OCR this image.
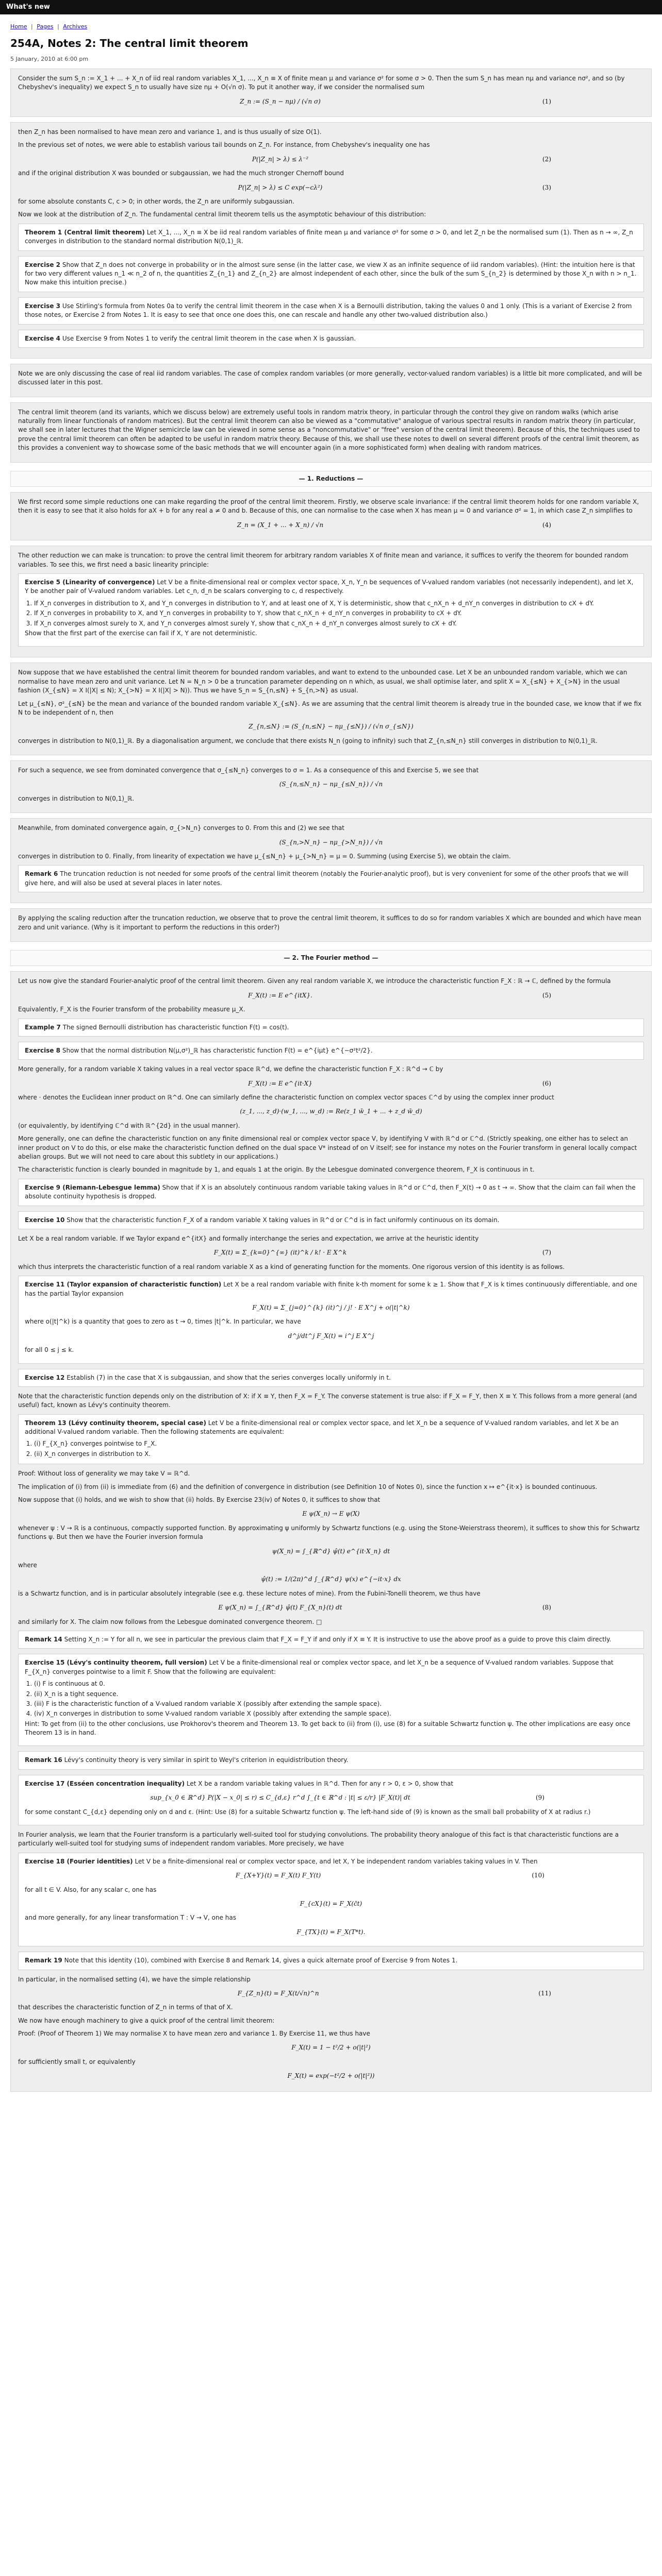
What's new
Home | Pages | Archives
254A, Notes 2: The central limit theorem
5 January, 2010 at 6:00 pm

Consider the sum S_n := X_1 + ... + X_n of iid real random variables X_1, ..., X_n ≡ X of finite mean μ and variance σ² for some σ > 0. Then the sum S_n has mean nμ and variance nσ², and so (by Chebyshev's inequality) we expect S_n to usually have size nμ + O(√n σ). To put it another way, if we consider the normalised sum

Z_n := (S_n − nμ) / (√n σ)	(1)

then Z_n has been normalised to have mean zero and variance 1, and is thus usually of size O(1).

In the previous set of notes, we were able to establish various tail bounds on Z_n. For instance, from Chebyshev's inequality one has

P(|Z_n| > λ) ≤ λ⁻²	(2)

and if the original distribution X was bounded or subgaussian, we had the much stronger Chernoff bound

P(|Z_n| > λ) ≤ C exp(−cλ²)	(3)

for some absolute constants C, c > 0; in other words, the Z_n are uniformly subgaussian.

Now we look at the distribution of Z_n. The fundamental central limit theorem tells us the asymptotic behaviour of this distribution:

Theorem 1 (Central limit theorem) Let X_1, ..., X_n ≡ X be iid real random variables of finite mean μ and variance σ² for some σ > 0, and let Z_n be the normalised sum (1). Then as n → ∞, Z_n converges in distribution to the standard normal distribution N(0,1)_ℝ.
Exercise 2 Show that Z_n does not converge in probability or in the almost sure sense (in the latter case, we view X as an infinite sequence of iid random variables). (Hint: the intuition here is that for two very different values n_1 ≪ n_2 of n, the quantities Z_{n_1} and Z_{n_2} are almost independent of each other, since the bulk of the sum S_{n_2} is determined by those X_n with n > n_1. Now make this intuition precise.)
Exercise 3 Use Stirling's formula from Notes 0a to verify the central limit theorem in the case when X is a Bernoulli distribution, taking the values 0 and 1 only. (This is a variant of Exercise 2 from those notes, or Exercise 2 from Notes 1. It is easy to see that once one does this, one can rescale and handle any other two-valued distribution also.)
Exercise 4 Use Exercise 9 from Notes 1 to verify the central limit theorem in the case when X is gaussian.

Note we are only discussing the case of real iid random variables. The case of complex random variables (or more generally, vector-valued random variables) is a little bit more complicated, and will be discussed later in this post.

The central limit theorem (and its variants, which we discuss below) are extremely useful tools in random matrix theory, in particular through the control they give on random walks (which arise naturally from linear functionals of random matrices). But the central limit theorem can also be viewed as a "commutative" analogue of various spectral results in random matrix theory (in particular, we shall see in later lectures that the Wigner semicircle law can be viewed in some sense as a "noncommutative" or "free" version of the central limit theorem). Because of this, the techniques used to prove the central limit theorem can often be adapted to be useful in random matrix theory. Because of this, we shall use these notes to dwell on several different proofs of the central limit theorem, as this provides a convenient way to showcase some of the basic methods that we will encounter again (in a more sophisticated form) when dealing with random matrices.

— 1. Reductions —

We first record some simple reductions one can make regarding the proof of the central limit theorem. Firstly, we observe scale invariance: if the central limit theorem holds for one random variable X, then it is easy to see that it also holds for aX + b for any real a ≠ 0 and b. Because of this, one can normalise to the case when X has mean μ = 0 and variance σ² = 1, in which case Z_n simplifies to

Z_n = (X_1 + ... + X_n) / √n	(4)

The other reduction we can make is truncation: to prove the central limit theorem for arbitrary random variables X of finite mean and variance, it suffices to verify the theorem for bounded random variables. To see this, we first need a basic linearity principle:

Exercise 5 (Linearity of convergence) Let V be a finite-dimensional real or complex vector space, X_n, Y_n be sequences of V-valued random variables (not necessarily independent), and let X, Y be another pair of V-valued random variables. Let c_n, d_n be scalars converging to c, d respectively.
1. If X_n converges in distribution to X, and Y_n converges in distribution to Y, and at least one of X, Y is deterministic, show that c_nX_n + d_nY_n converges in distribution to cX + dY.
2. If X_n converges in probability to X, and Y_n converges in probability to Y, show that c_nX_n + d_nY_n converges in probability to cX + dY.
3. If X_n converges almost surely to X, and Y_n converges almost surely Y, show that c_nX_n + d_nY_n converges almost surely to cX + dY.

Show that the first part of the exercise can fail if X, Y are not deterministic.

Now suppose that we have established the central limit theorem for bounded random variables, and want to extend to the unbounded case. Let X be an unbounded random variable, which we can normalise to have mean zero and unit variance. Let N = N_n > 0 be a truncation parameter depending on n which, as usual, we shall optimise later, and split X = X_{≤N} + X_{>N} in the usual fashion (X_{≤N} = X I(|X| ≤ N); X_{>N} = X I(|X| > N)). Thus we have S_n = S_{n,≤N} + S_{n,>N} as usual.

Let μ_{≤N}, σ²_{≤N} be the mean and variance of the bounded random variable X_{≤N}. As we are assuming that the central limit theorem is already true in the bounded case, we know that if we fix N to be independent of n, then

Z_{n,≤N} := (S_{n,≤N} − nμ_{≤N}) / (√n σ_{≤N})

converges in distribution to N(0,1)_ℝ. By a diagonalisation argument, we conclude that there exists N_n (going to infinity) such that Z_{n,≤N_n} still converges in distribution to N(0,1)_ℝ.

For such a sequence, we see from dominated convergence that σ_{≤N_n} converges to σ = 1. As a consequence of this and Exercise 5, we see that

(S_{n,≤N_n} − nμ_{≤N_n}) / √n

converges in distribution to N(0,1)_ℝ.

Meanwhile, from dominated convergence again, σ_{>N_n} converges to 0. From this and (2) we see that

(S_{n,>N_n} − nμ_{>N_n}) / √n

converges in distribution to 0. Finally, from linearity of expectation we have μ_{≤N_n} + μ_{>N_n} = μ = 0. Summing (using Exercise 5), we obtain the claim.

Remark 6 The truncation reduction is not needed for some proofs of the central limit theorem (notably the Fourier-analytic proof), but is very convenient for some of the other proofs that we will give here, and will also be used at several places in later notes.

By applying the scaling reduction after the truncation reduction, we observe that to prove the central limit theorem, it suffices to do so for random variables X which are bounded and which have mean zero and unit variance. (Why is it important to perform the reductions in this order?)

— 2. The Fourier method —

Let us now give the standard Fourier-analytic proof of the central limit theorem. Given any real random variable X, we introduce the characteristic function F_X : ℝ → ℂ, defined by the formula

F_X(t) := E e^{itX}.	(5)

Equivalently, F_X is the Fourier transform of the probability measure μ_X.

Example 7 The signed Bernoulli distribution has characteristic function F(t) = cos(t).
Exercise 8 Show that the normal distribution N(μ,σ²)_ℝ has characteristic function F(t) = e^{iμt} e^{−σ²t²/2}.

More generally, for a random variable X taking values in a real vector space ℝ^d, we define the characteristic function F_X : ℝ^d → ℂ by

F_X(t) := E e^{it·X}	(6)

where · denotes the Euclidean inner product on ℝ^d. One can similarly define the characteristic function on complex vector spaces ℂ^d by using the complex inner product

(z_1, ..., z_d)·(w_1, ..., w_d) := Re(z_1 w̄_1 + ... + z_d w̄_d)

(or equivalently, by identifying ℂ^d with ℝ^{2d} in the usual manner).

More generally, one can define the characteristic function on any finite dimensional real or complex vector space V, by identifying V with ℝ^d or ℂ^d. (Strictly speaking, one either has to select an inner product on V to do this, or else make the characteristic function defined on the dual space V* instead of on V itself; see for instance my notes on the Fourier transform in general locally compact abelian groups. But we will not need to care about this subtlety in our applications.)

The characteristic function is clearly bounded in magnitude by 1, and equals 1 at the origin. By the Lebesgue dominated convergence theorem, F_X is continuous in t.

Exercise 9 (Riemann-Lebesgue lemma) Show that if X is an absolutely continuous random variable taking values in ℝ^d or ℂ^d, then F_X(t) → 0 as t → ∞. Show that the claim can fail when the absolute continuity hypothesis is dropped.
Exercise 10 Show that the characteristic function F_X of a random variable X taking values in ℝ^d or ℂ^d is in fact uniformly continuous on its domain.

Let X be a real random variable. If we Taylor expand e^{itX} and formally interchange the series and expectation, we arrive at the heuristic identity

F_X(t) = Σ_{k=0}^{∞} (it)^k / k! · E X^k	(7)

which thus interprets the characteristic function of a real random variable X as a kind of generating function for the moments. One rigorous version of this identity is as follows.

Exercise 11 (Taylor expansion of characteristic function) Let X be a real random variable with finite k-th moment for some k ≥ 1. Show that F_X is k times continuously differentiable, and one has the partial Taylor expansion
F_X(t) = Σ_{j=0}^{k} (it)^j / j! · E X^j + o(|t|^k)

where o(|t|^k) is a quantity that goes to zero as t → 0, times |t|^k. In particular, we have

d^j/dt^j F_X(t) = i^j E X^j

for all 0 ≤ j ≤ k.

Exercise 12 Establish (7) in the case that X is subgaussian, and show that the series converges locally uniformly in t.

Note that the characteristic function depends only on the distribution of X: if X ≡ Y, then F_X = F_Y. The converse statement is true also: if F_X = F_Y, then X ≡ Y. This follows from a more general (and useful) fact, known as Lévy's continuity theorem.

Theorem 13 (Lévy continuity theorem, special case) Let V be a finite-dimensional real or complex vector space, and let X_n be a sequence of V-valued random variables, and let X be an additional V-valued random variable. Then the following statements are equivalent:
1. (i) F_{X_n} converges pointwise to F_X.
2. (ii) X_n converges in distribution to X.

Proof: Without loss of generality we may take V = ℝ^d.

The implication of (i) from (ii) is immediate from (6) and the definition of convergence in distribution (see Definition 10 of Notes 0), since the function x ↦ e^{it·x} is bounded continuous.

Now suppose that (i) holds, and we wish to show that (ii) holds. By Exercise 23(iv) of Notes 0, it suffices to show that

E ψ(X_n) → E ψ(X)

whenever ψ : V → ℝ is a continuous, compactly supported function. By approximating ψ uniformly by Schwartz functions (e.g. using the Stone-Weierstrass theorem), it suffices to show this for Schwartz functions ψ. But then we have the Fourier inversion formula

ψ(X_n) = ∫_{ℝ^d} ψ̂(t) e^{it·X_n} dt

where

ψ̂(t) := 1/(2π)^d ∫_{ℝ^d} ψ(x) e^{−it·x} dx

is a Schwartz function, and is in particular absolutely integrable (see e.g. these lecture notes of mine). From the Fubini-Tonelli theorem, we thus have

E ψ(X_n) = ∫_{ℝ^d} ψ̂(t) F_{X_n}(t) dt	(8)

and similarly for X. The claim now follows from the Lebesgue dominated convergence theorem. □

Remark 14 Setting X_n := Y for all n, we see in particular the previous claim that F_X = F_Y if and only if X ≡ Y. It is instructive to use the above proof as a guide to prove this claim directly.
Exercise 15 (Lévy's continuity theorem, full version) Let V be a finite-dimensional real or complex vector space, and let X_n be a sequence of V-valued random variables. Suppose that F_{X_n} converges pointwise to a limit F. Show that the following are equivalent:
1. (i) F is continuous at 0.
2. (ii) X_n is a tight sequence.
3. (iii) F is the characteristic function of a V-valued random variable X (possibly after extending the sample space).
4. (iv) X_n converges in distribution to some V-valued random variable X (possibly after extending the sample space).

Hint: To get from (ii) to the other conclusions, use Prokhorov's theorem and Theorem 13. To get back to (ii) from (i), use (8) for a suitable Schwartz function ψ. The other implications are easy once Theorem 13 is in hand.

Remark 16 Lévy's continuity theory is very similar in spirit to Weyl's criterion in equidistribution theory.
Exercise 17 (Esséen concentration inequality) Let X be a random variable taking values in ℝ^d. Then for any r > 0, ε > 0, show that
sup_{x_0 ∈ ℝ^d} P(|X − x_0| ≤ r) ≤ C_{d,ε} r^d ∫_{t ∈ ℝ^d : |t| ≤ ε/r} |F_X(t)| dt	(9)

for some constant C_{d,ε} depending only on d and ε. (Hint: Use (8) for a suitable Schwartz function ψ. The left-hand side of (9) is known as the small ball probability of X at radius r.)

In Fourier analysis, we learn that the Fourier transform is a particularly well-suited tool for studying convolutions. The probability theory analogue of this fact is that characteristic functions are a particularly well-suited tool for studying sums of independent random variables. More precisely, we have

Exercise 18 (Fourier identities) Let V be a finite-dimensional real or complex vector space, and let X, Y be independent random variables taking values in V. Then
F_{X+Y}(t) = F_X(t) F_Y(t)	(10)

for all t ∈ V. Also, for any scalar c, one has

F_{cX}(t) = F_X(c̄t)

and more generally, for any linear transformation T : V → V, one has

F_{TX}(t) = F_X(T*t).
Remark 19 Note that this identity (10), combined with Exercise 8 and Remark 14, gives a quick alternate proof of Exercise 9 from Notes 1.

In particular, in the normalised setting (4), we have the simple relationship

F_{Z_n}(t) = F_X(t/√n)^n	(11)

that describes the characteristic function of Z_n in terms of that of X.

We now have enough machinery to give a quick proof of the central limit theorem:

Proof: (Proof of Theorem 1) We may normalise X to have mean zero and variance 1. By Exercise 11, we thus have

F_X(t) = 1 − t²/2 + o(|t|²)

for sufficiently small t, or equivalently

F_X(t) = exp(−t²/2 + o(|t|²))
